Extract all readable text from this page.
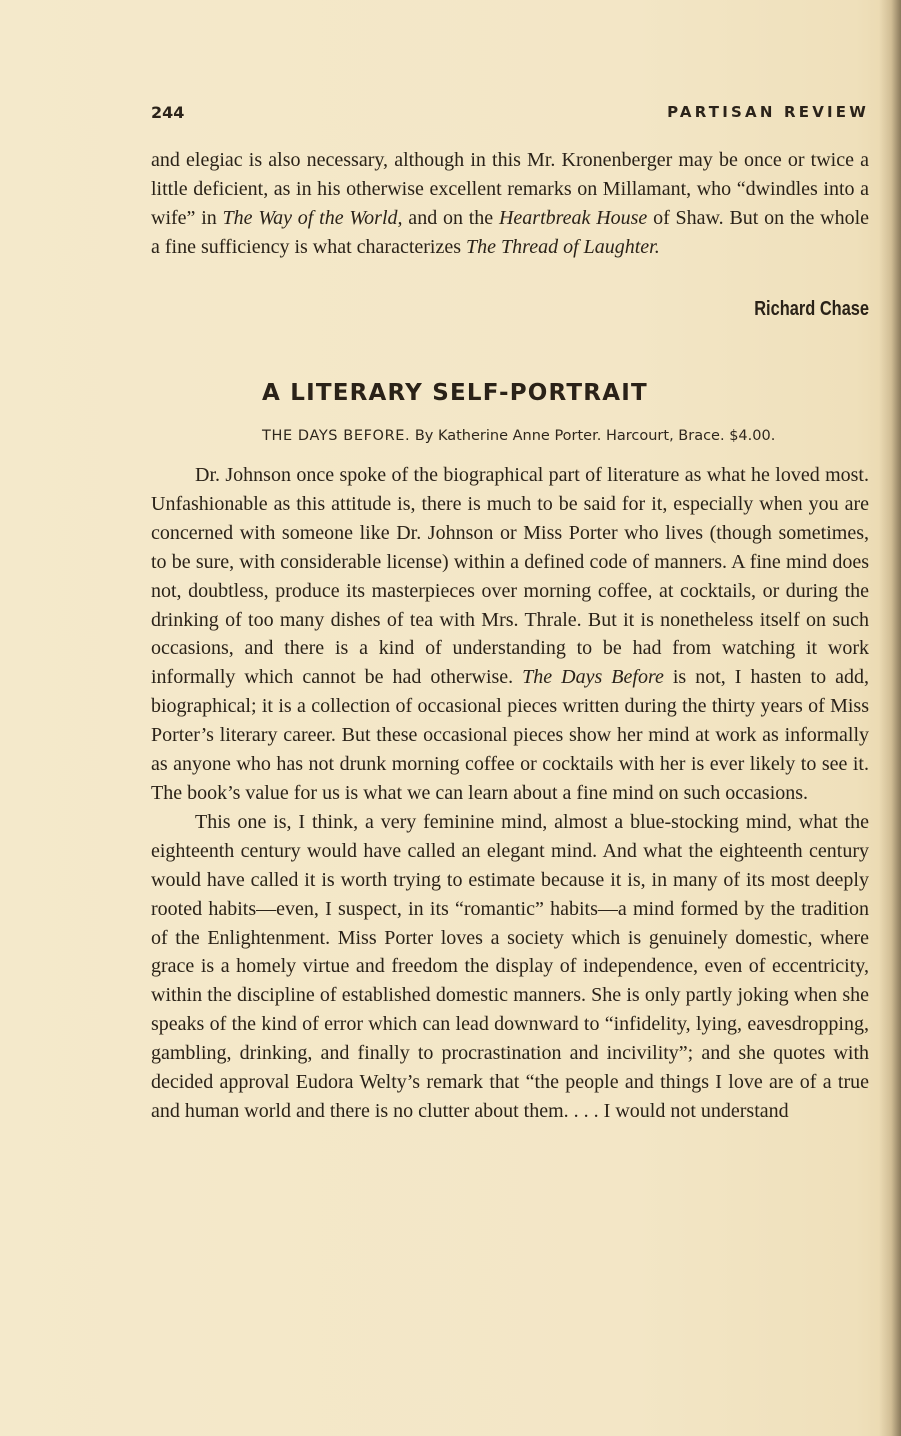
244	PARTISAN REVIEW

and elegiac is also necessary, although in this Mr. Kronenberger may be once or twice a little deficient, as in his otherwise excellent remarks on Millamant, who “dwindles into a wife” in The Way of the World, and on the Heartbreak House of Shaw. But on the whole a fine sufficiency is what characterizes The Thread of Laughter.

Richard Chase
A LITERARY SELF-PORTRAIT
THE DAYS BEFORE. By Katherine Anne Porter. Harcourt, Brace. $4.00.

Dr. Johnson once spoke of the biographical part of literature as what he loved most. Unfashionable as this attitude is, there is much to be said for it, especially when you are concerned with someone like Dr. Johnson or Miss Porter who lives (though sometimes, to be sure, with considerable license) within a defined code of manners. A fine mind does not, doubtless, produce its masterpieces over morning coffee, at cocktails, or during the drinking of too many dishes of tea with Mrs. Thrale. But it is nonetheless itself on such occasions, and there is a kind of understanding to be had from watching it work informally which cannot be had otherwise. The Days Before is not, I hasten to add, biographical; it is a collection of occasional pieces written during the thirty years of Miss Porter’s literary career. But these occasional pieces show her mind at work as informally as anyone who has not drunk morning coffee or cocktails with her is ever likely to see it. The book’s value for us is what we can learn about a fine mind on such occasions.

This one is, I think, a very feminine mind, almost a blue-stocking mind, what the eighteenth century would have called an elegant mind. And what the eighteenth century would have called it is worth trying to estimate because it is, in many of its most deeply rooted habits—even, I suspect, in its “romantic” habits—a mind formed by the tradition of the Enlightenment. Miss Porter loves a society which is genuinely domestic, where grace is a homely virtue and freedom the display of independence, even of eccentricity, within the discipline of established domestic manners. She is only partly joking when she speaks of the kind of error which can lead downward to “infidelity, lying, eavesdropping, gambling, drinking, and finally to procrastination and incivility”; and she quotes with decided approval Eudora Welty’s remark that “the people and things I love are of a true and human world and there is no clutter about them. . . . I would not understand
